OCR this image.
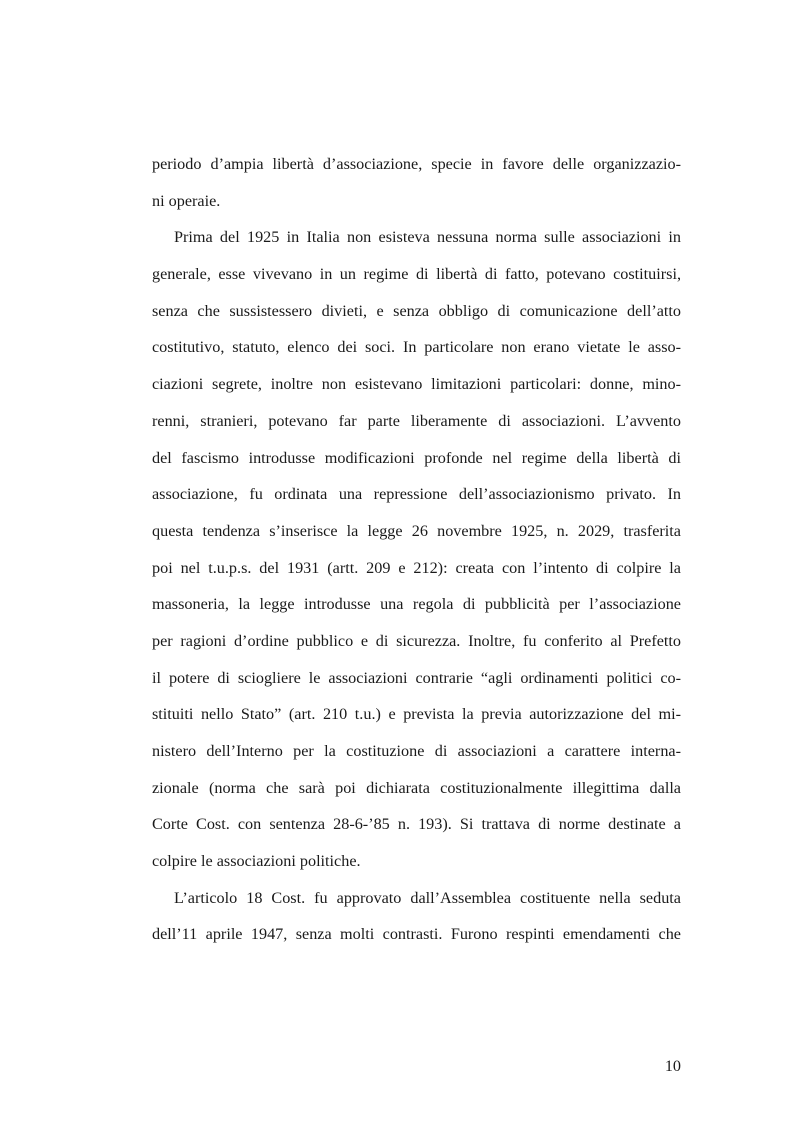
periodo d’ampia libertà d’associazione, specie in favore delle organizzazio-
ni operaie.
Prima del 1925 in Italia non esisteva nessuna norma sulle associazioni in
generale, esse vivevano in un regime di libertà di fatto, potevano costituirsi,
senza che sussistessero divieti, e senza obbligo di comunicazione dell’atto
costitutivo, statuto, elenco dei soci. In particolare non erano vietate le asso-
ciazioni segrete, inoltre non esistevano limitazioni particolari: donne, mino-
renni, stranieri, potevano far parte liberamente di associazioni. L’avvento
del fascismo introdusse modificazioni profonde nel regime della libertà di
associazione, fu ordinata una repressione dell’associazionismo privato. In
questa tendenza s’inserisce la legge 26 novembre 1925, n. 2029, trasferita
poi nel t.u.p.s. del 1931 (artt. 209 e 212): creata con l’intento di colpire la
massoneria, la legge introdusse una regola di pubblicità per l’associazione
per ragioni d’ordine pubblico e di sicurezza. Inoltre, fu conferito al Prefetto
il potere di sciogliere le associazioni contrarie “agli ordinamenti politici co-
stituiti nello Stato” (art. 210 t.u.) e prevista la previa autorizzazione del mi-
nistero dell’Interno per la costituzione di associazioni a carattere interna-
zionale (norma che sarà poi dichiarata costituzionalmente illegittima dalla
Corte Cost. con sentenza 28-6-’85 n. 193). Si trattava di norme destinate a
colpire le associazioni politiche.
L’articolo 18 Cost. fu approvato dall’Assemblea costituente nella seduta
dell’11 aprile 1947, senza molti contrasti. Furono respinti emendamenti che
10
